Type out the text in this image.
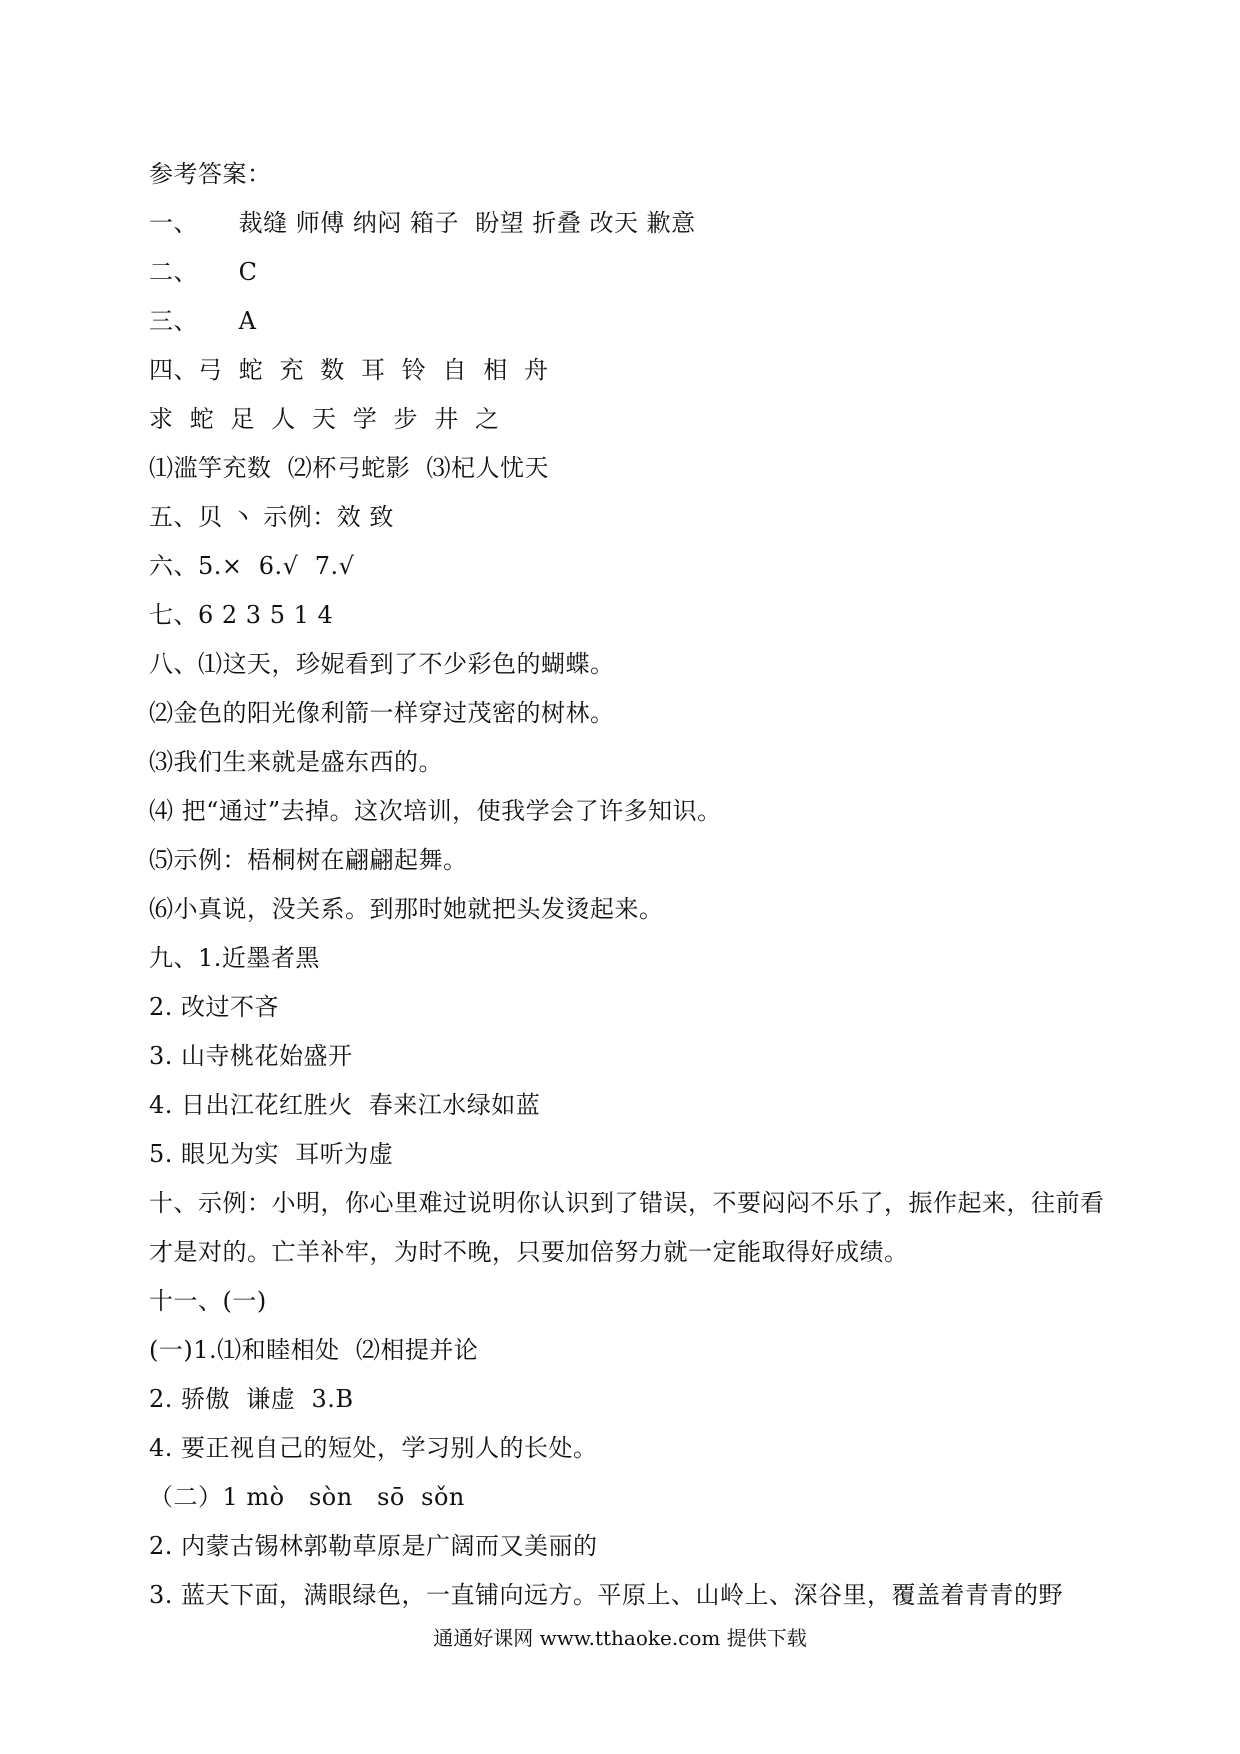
参考答案：
一、     裁缝 师傅 纳闷 箱子  盼望 折叠 改天 歉意
二、     C
三、     A
四、弓  蛇  充  数  耳  铃  自  相  舟
求  蛇  足  人  天  学  步  井  之
⑴滥竽充数  ⑵杯弓蛇影  ⑶杞人忧天
五、贝 丶 示例：效 致
六、5.×  6.√  7.√
七、6 2 3 5 1 4
八、⑴这天，珍妮看到了不少彩色的蝴蝶。
⑵金色的阳光像利箭一样穿过茂密的树林。
⑶我们生来就是盛东西的。
⑷ 把“通过”去掉。这次培训，使我学会了许多知识。
⑸示例：梧桐树在翩翩起舞。
⑹小真说，没关系。到那时她就把头发烫起来。
九、1.近墨者黑
2. 改过不吝
3. 山寺桃花始盛开
4. 日出江花红胜火  春来江水绿如蓝
5. 眼见为实  耳听为虚
十、示例：小明，你心里难过说明你认识到了错误，不要闷闷不乐了，振作起来，往前看才是对的。亡羊补牢，为时不晚，只要加倍努力就一定能取得好成绩。
十一、(一)
(一)1.⑴和睦相处  ⑵相提并论
2. 骄傲  谦虚  3.B
4. 要正视自己的短处，学习别人的长处。
（二）1 mò   sòn   sō  sǒn
2. 内蒙古锡林郭勒草原是广阔而又美丽的
3. 蓝天下面，满眼绿色，一直铺向远方。平原上、山岭上、深谷里，覆盖着青青的野
通通好课网 www.tthaoke.com 提供下载
